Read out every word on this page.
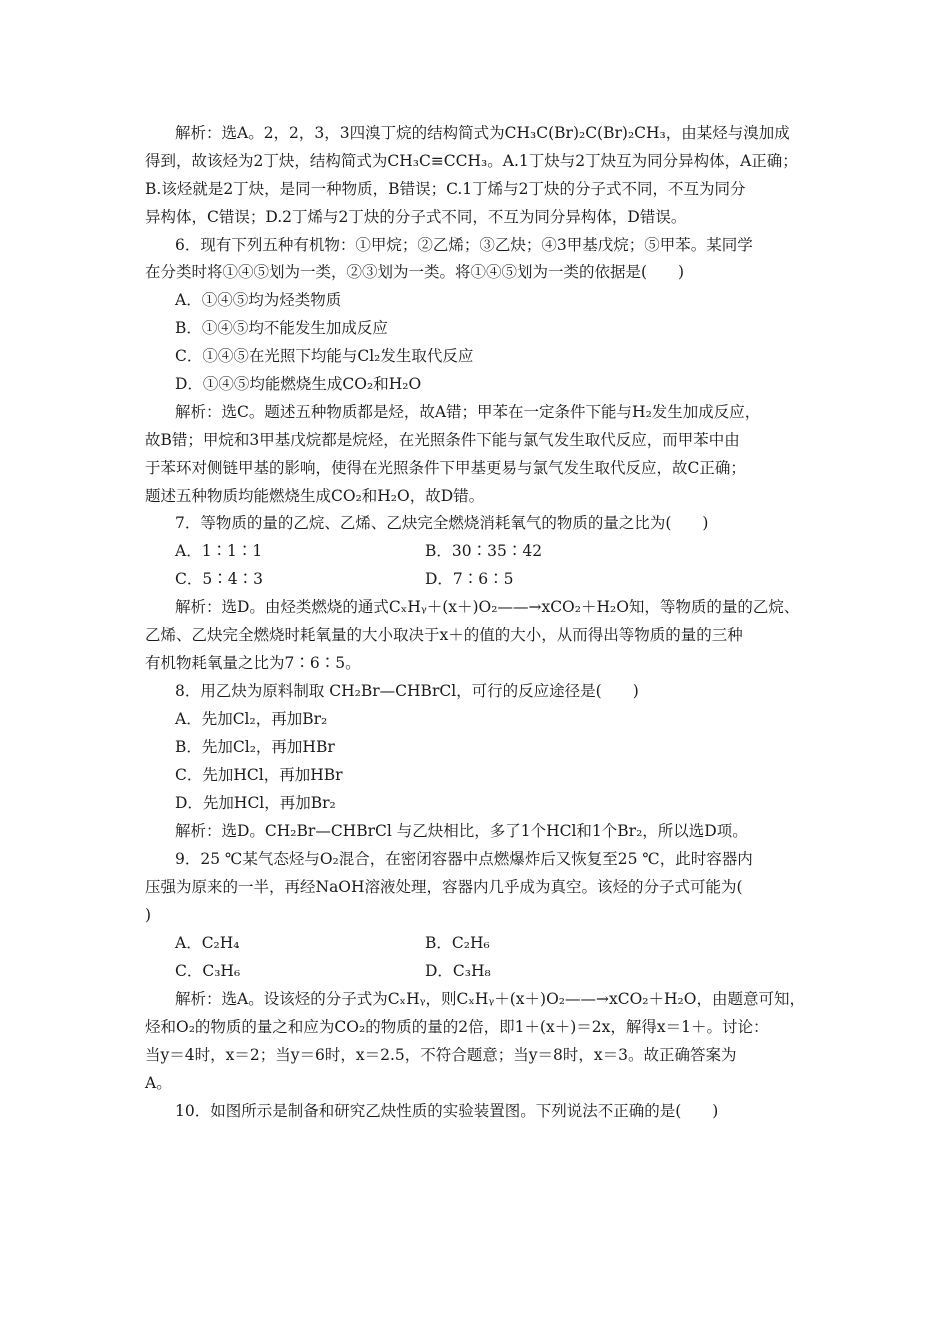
解析：选A。2，2，3，3四溴丁烷的结构简式为CH₃C(Br)₂C(Br)₂CH₃，由某烃与溴加成
得到，故该烃为2丁炔，结构简式为CH₃C≡CCH₃。A.1丁炔与2丁炔互为同分异构体，A正确；
B.该烃就是2丁炔，是同一种物质，B错误；C.1丁烯与2丁炔的分子式不同，不互为同分
异构体，C错误；D.2丁烯与2丁炔的分子式不同，不互为同分异构体，D错误。
6．现有下列五种有机物：①甲烷；②乙烯；③乙炔；④3甲基戊烷；⑤甲苯。某同学
在分类时将①④⑤划为一类，②③划为一类。将①④⑤划为一类的依据是(　　)
A．①④⑤均为烃类物质
B．①④⑤均不能发生加成反应
C．①④⑤在光照下均能与Cl₂发生取代反应
D．①④⑤均能燃烧生成CO₂和H₂O
解析：选C。题述五种物质都是烃，故A错；甲苯在一定条件下能与H₂发生加成反应，
故B错；甲烷和3甲基戊烷都是烷烃，在光照条件下能与氯气发生取代反应，而甲苯中由
于苯环对侧链甲基的影响，使得在光照条件下甲基更易与氯气发生取代反应，故C正确；
题述五种物质均能燃烧生成CO₂和H₂O，故D错。
7．等物质的量的乙烷、乙烯、乙炔完全燃烧消耗氧气的物质的量之比为(　　)
A．1∶1∶1	B．30∶35∶42
C．5∶4∶3	D．7∶6∶5
解析：选D。由烃类燃烧的通式CₓHᵧ＋(x＋)O₂——→xCO₂＋H₂O知，等物质的量的乙烷、
乙烯、乙炔完全燃烧时耗氧量的大小取决于x＋的值的大小，从而得出等物质的量的三种
有机物耗氧量之比为7∶6∶5。
8．用乙炔为原料制取 CH₂Br—CHBrCl，可行的反应途径是(　　)
A．先加Cl₂，再加Br₂
B．先加Cl₂，再加HBr
C．先加HCl，再加HBr
D．先加HCl，再加Br₂
解析：选D。CH₂Br—CHBrCl 与乙炔相比，多了1个HCl和1个Br₂，所以选D项。
9．25 ℃某气态烃与O₂混合，在密闭容器中点燃爆炸后又恢复至25 ℃，此时容器内
压强为原来的一半，再经NaOH溶液处理，容器内几乎成为真空。该烃的分子式可能为(
)
A．C₂H₄	B．C₂H₆
C．C₃H₆	D．C₃H₈
解析：选A。设该烃的分子式为CₓHᵧ，则CₓHᵧ＋(x＋)O₂——→xCO₂＋H₂O，由题意可知，
烃和O₂的物质的量之和应为CO₂的物质的量的2倍，即1＋(x＋)＝2x，解得x＝1＋。讨论：
当y＝4时，x＝2；当y＝6时，x＝2.5，不符合题意；当y＝8时，x＝3。故正确答案为
A。
10．如图所示是制备和研究乙炔性质的实验装置图。下列说法不正确的是(　　)
